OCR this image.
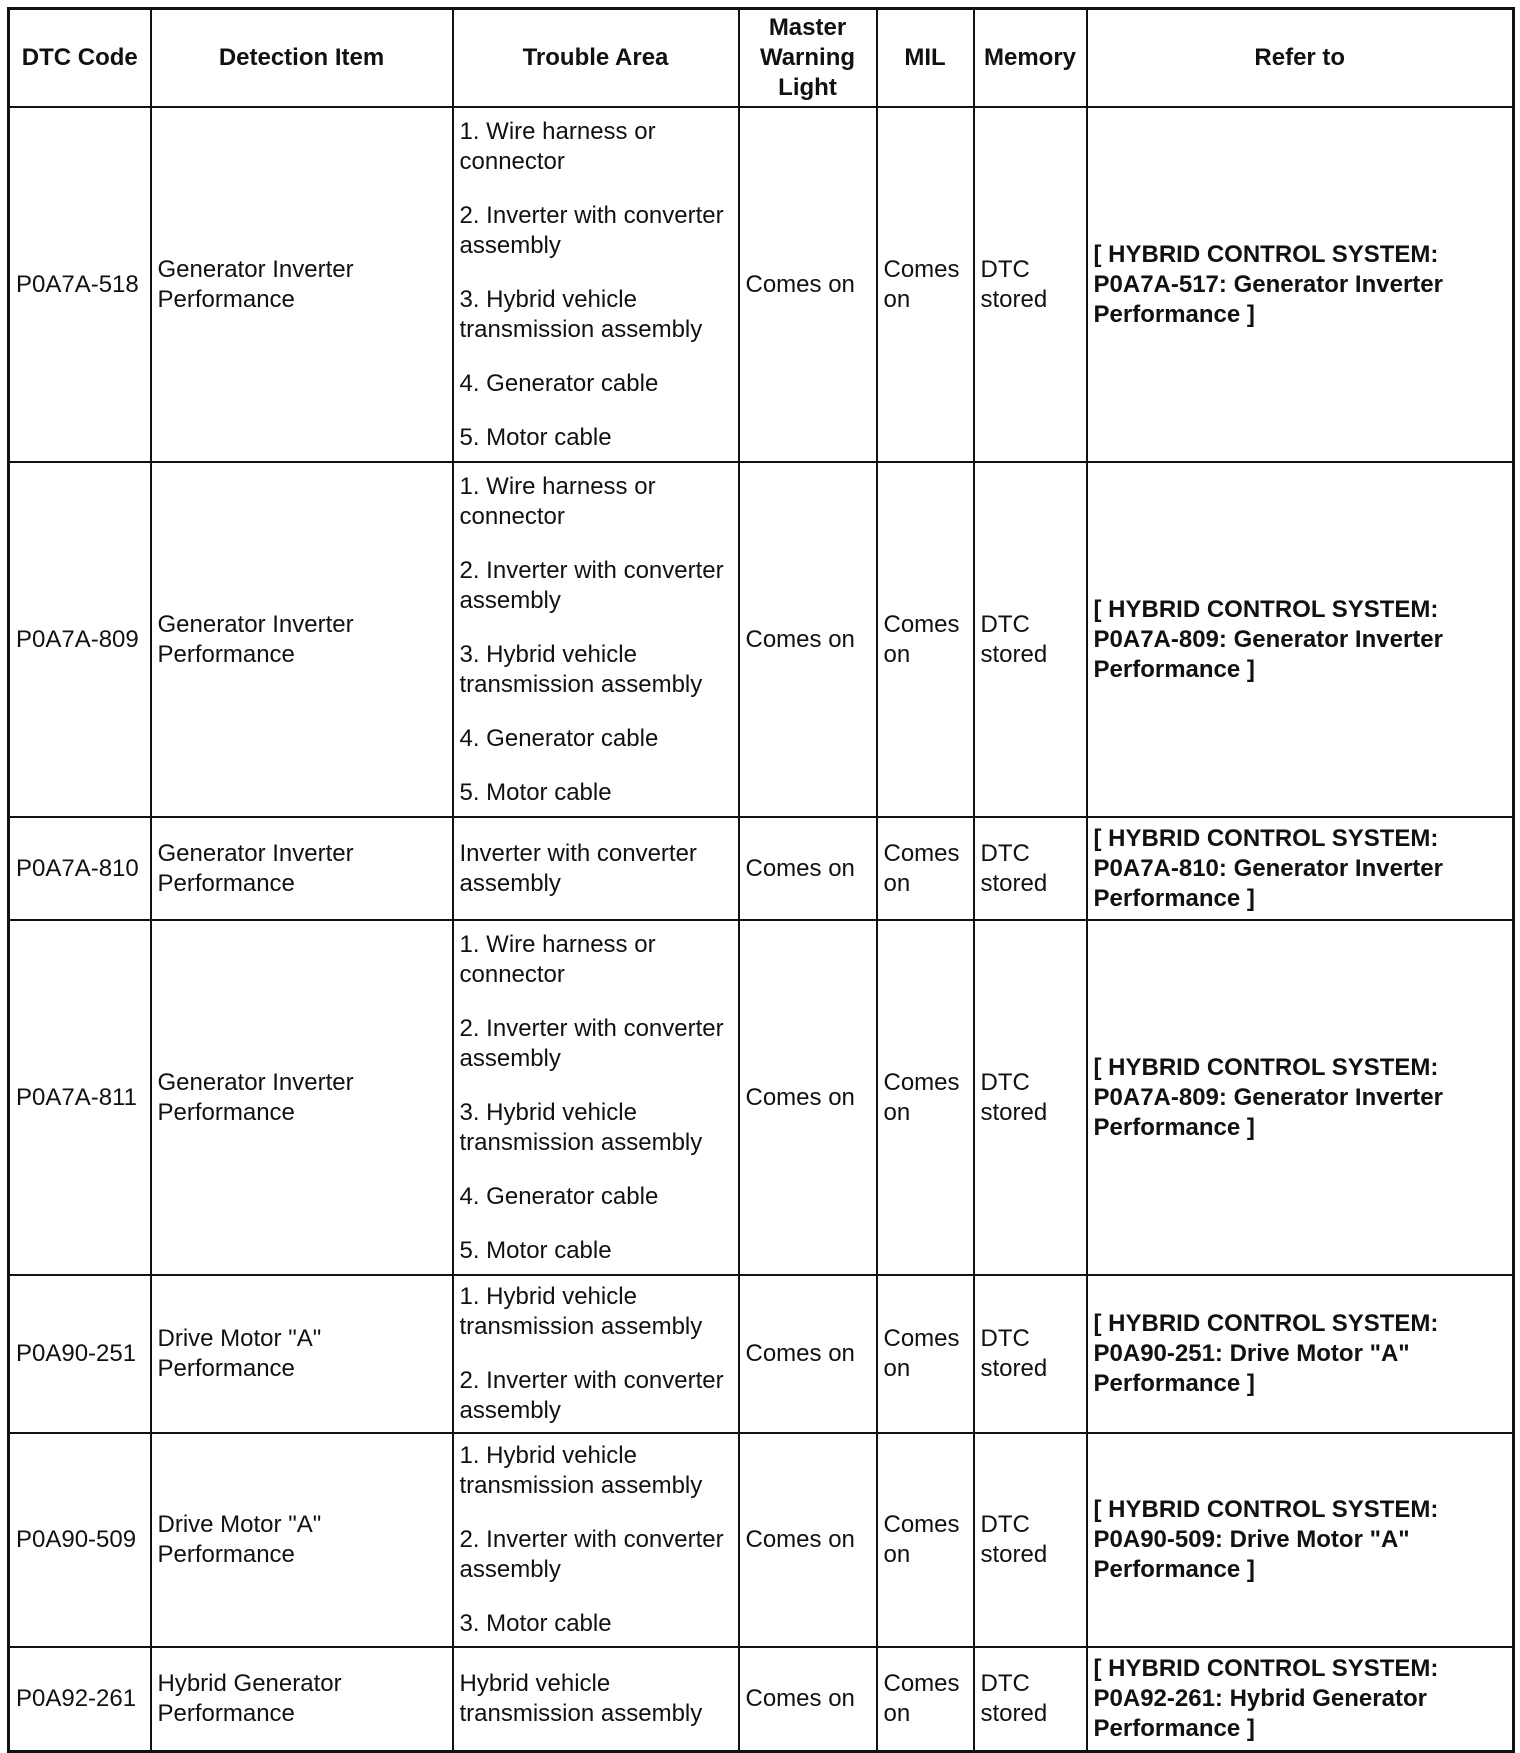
DTC Code	Detection Item	Trouble Area	Master Warning Light	MIL	Memory	Refer to
P0A7A-518	Generator Inverter Performance	1. Wire harness or connector
2. Inverter with converter assembly
3. Hybrid vehicle transmission assembly
4. Generator cable
5. Motor cable	Comes on	Comes on	DTC stored	[ HYBRID CONTROL SYSTEM: P0A7A-517: Generator Inverter Performance ]
P0A7A-809	Generator Inverter Performance	1. Wire harness or connector
2. Inverter with converter assembly
3. Hybrid vehicle transmission assembly
4. Generator cable
5. Motor cable	Comes on	Comes on	DTC stored	[ HYBRID CONTROL SYSTEM: P0A7A-809: Generator Inverter Performance ]
P0A7A-810	Generator Inverter Performance	Inverter with converter assembly	Comes on	Comes on	DTC stored	[ HYBRID CONTROL SYSTEM: P0A7A-810: Generator Inverter Performance ]
P0A7A-811	Generator Inverter Performance	1. Wire harness or connector
2. Inverter with converter assembly
3. Hybrid vehicle transmission assembly
4. Generator cable
5. Motor cable	Comes on	Comes on	DTC stored	[ HYBRID CONTROL SYSTEM: P0A7A-809: Generator Inverter Performance ]
P0A90-251	Drive Motor "A" Performance	1. Hybrid vehicle transmission assembly
2. Inverter with converter assembly	Comes on	Comes on	DTC stored	[ HYBRID CONTROL SYSTEM: P0A90-251: Drive Motor "A" Performance ]
P0A90-509	Drive Motor "A" Performance	1. Hybrid vehicle transmission assembly
2. Inverter with converter assembly
3. Motor cable	Comes on	Comes on	DTC stored	[ HYBRID CONTROL SYSTEM: P0A90-509: Drive Motor "A" Performance ]
P0A92-261	Hybrid Generator Performance	Hybrid vehicle transmission assembly	Comes on	Comes on	DTC stored	[ HYBRID CONTROL SYSTEM: P0A92-261: Hybrid Generator Performance ]
